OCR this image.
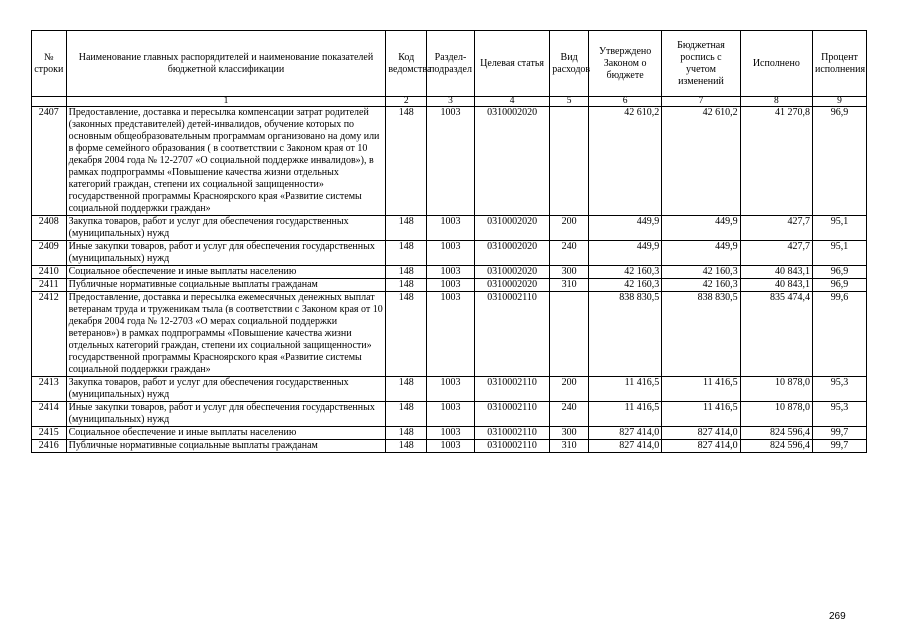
№ строки	Наименование главных распорядителей и наименование показателей бюджетной классификации	Код ведомства	Раздел-подраздел	Целевая статья	Вид расходов	Утверждено Законом о бюджете	Бюджетная роспись с учетом изменений	Исполнено	Процент исполнения
	1	2	3	4	5	6	7	8	9
2407	Предоставление, доставка и пересылка компенсации затрат родителей (законных представителей) детей-инвалидов, обучение которых по основным общеобразовательным программам организовано на дому или в форме семейного образования ( в соответствии с Законом края от 10 декабря 2004 года № 12-2707 «О социальной поддержке инвалидов»), в рамках подпрограммы «Повышение качества жизни отдельных категорий граждан, степени их социальной защищенности» государственной программы Красноярского края «Развитие системы социальной поддержки граждан»	148	1003	0310002020		42 610,2	42 610,2	41 270,8	96,9
2408	Закупка товаров, работ и услуг для обеспечения государственных (муниципальных) нужд	148	1003	0310002020	200	449,9	449,9	427,7	95,1
2409	Иные закупки товаров, работ и услуг для обеспечения государственных (муниципальных) нужд	148	1003	0310002020	240	449,9	449,9	427,7	95,1
2410	Социальное обеспечение и иные выплаты населению	148	1003	0310002020	300	42 160,3	42 160,3	40 843,1	96,9
2411	Публичные нормативные социальные выплаты гражданам	148	1003	0310002020	310	42 160,3	42 160,3	40 843,1	96,9
2412	Предоставление, доставка и пересылка ежемесячных денежных выплат ветеранам труда и труженикам тыла (в соответствии с Законом края от 10 декабря 2004 года № 12-2703 «О мерах социальной поддержки ветеранов») в рамках подпрограммы «Повышение качества жизни отдельных категорий граждан, степени их социальной защищенности» государственной программы Красноярского края «Развитие системы социальной поддержки граждан»	148	1003	0310002110		838 830,5	838 830,5	835 474,4	99,6
2413	Закупка товаров, работ и услуг для обеспечения государственных (муниципальных) нужд	148	1003	0310002110	200	11 416,5	11 416,5	10 878,0	95,3
2414	Иные закупки товаров, работ и услуг для обеспечения государственных (муниципальных) нужд	148	1003	0310002110	240	11 416,5	11 416,5	10 878,0	95,3
2415	Социальное обеспечение и иные выплаты населению	148	1003	0310002110	300	827 414,0	827 414,0	824 596,4	99,7
2416	Публичные нормативные социальные выплаты гражданам	148	1003	0310002110	310	827 414,0	827 414,0	824 596,4	99,7
269
